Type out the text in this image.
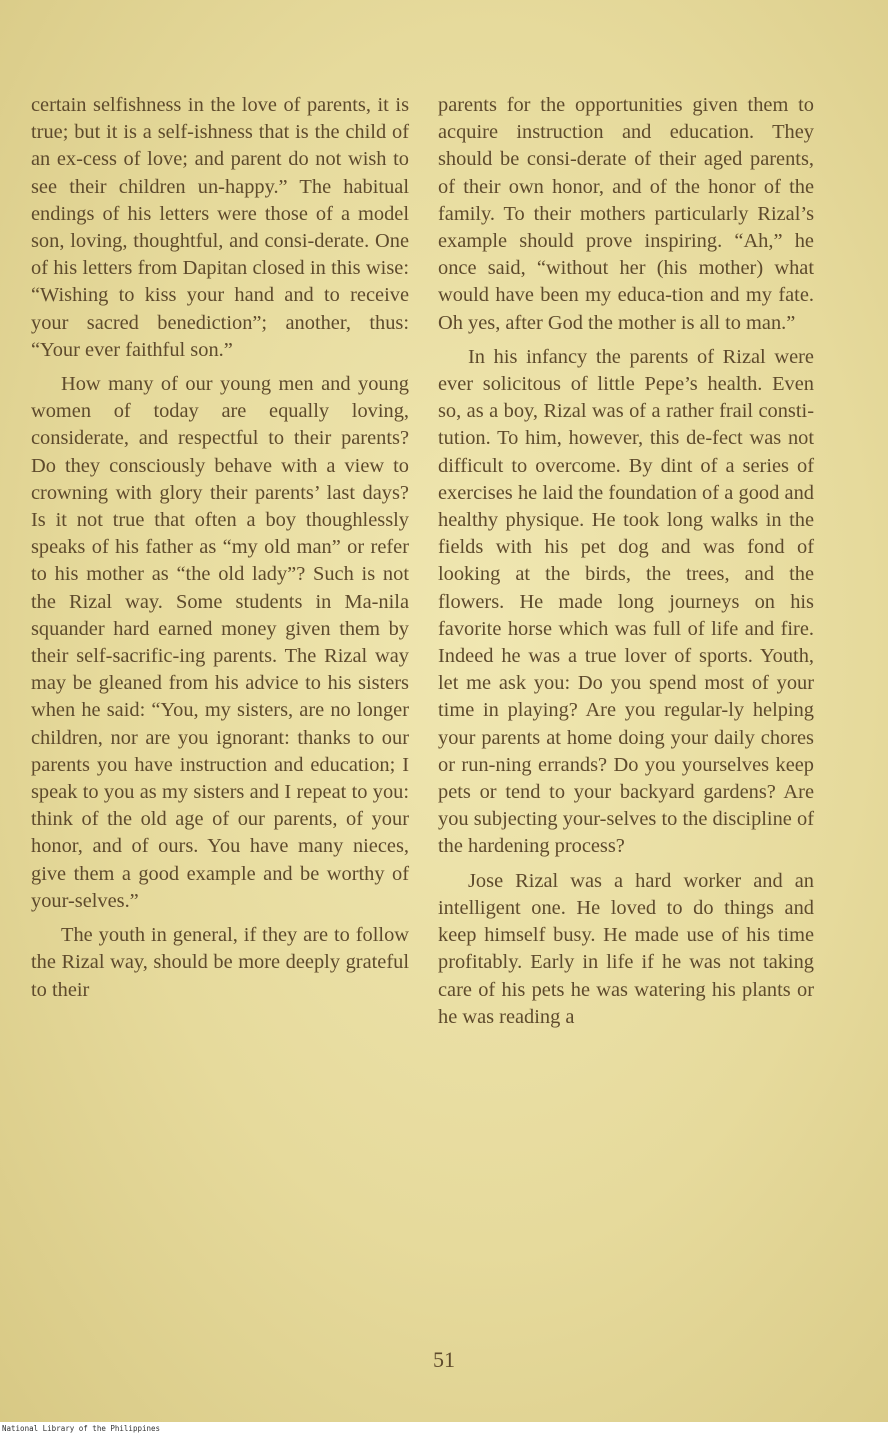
certain selfishness in the love of parents, it is true; but it is a self-ishness that is the child of an ex-cess of love; and parent do not wish to see their children un-happy.” The habitual endings of his letters were those of a model son, loving, thoughtful, and consi-derate. One of his letters from Dapitan closed in this wise: “Wishing to kiss your hand and to receive your sacred benediction”; another, thus: “Your ever faithful son.”

How many of our young men and young women of today are equally loving, considerate, and respectful to their parents? Do they consciously behave with a view to crowning with glory their parents’ last days? Is it not true that often a boy thoughlessly speaks of his father as “my old man” or refer to his mother as “the old lady”? Such is not the Rizal way. Some students in Ma-nila squander hard earned money given them by their self-sacrific-ing parents. The Rizal way may be gleaned from his advice to his sisters when he said: “You, my sisters, are no longer children, nor are you ignorant: thanks to our parents you have instruction and education; I speak to you as my sisters and I repeat to you: think of the old age of our parents, of your honor, and of ours. You have many nieces, give them a good example and be worthy of your-selves.”

The youth in general, if they are to follow the Rizal way, should be more deeply grateful to their

parents for the opportunities given them to acquire instruction and education. They should be consi-derate of their aged parents, of their own honor, and of the honor of the family. To their mothers particularly Rizal’s example should prove inspiring. “Ah,” he once said, “without her (his mother) what would have been my educa-tion and my fate. Oh yes, after God the mother is all to man.”

In his infancy the parents of Rizal were ever solicitous of little Pepe’s health. Even so, as a boy, Rizal was of a rather frail consti-tution. To him, however, this de-fect was not difficult to overcome. By dint of a series of exercises he laid the foundation of a good and healthy physique. He took long walks in the fields with his pet dog and was fond of looking at the birds, the trees, and the flowers. He made long journeys on his favorite horse which was full of life and fire. Indeed he was a true lover of sports. Youth, let me ask you: Do you spend most of your time in playing? Are you regular-ly helping your parents at home doing your daily chores or run-ning errands? Do you yourselves keep pets or tend to your backyard gardens? Are you subjecting your-selves to the discipline of the hardening process?

Jose Rizal was a hard worker and an intelligent one. He loved to do things and keep himself busy. He made use of his time profitably. Early in life if he was not taking care of his pets he was watering his plants or he was reading a

51
National Library of the Philippines
